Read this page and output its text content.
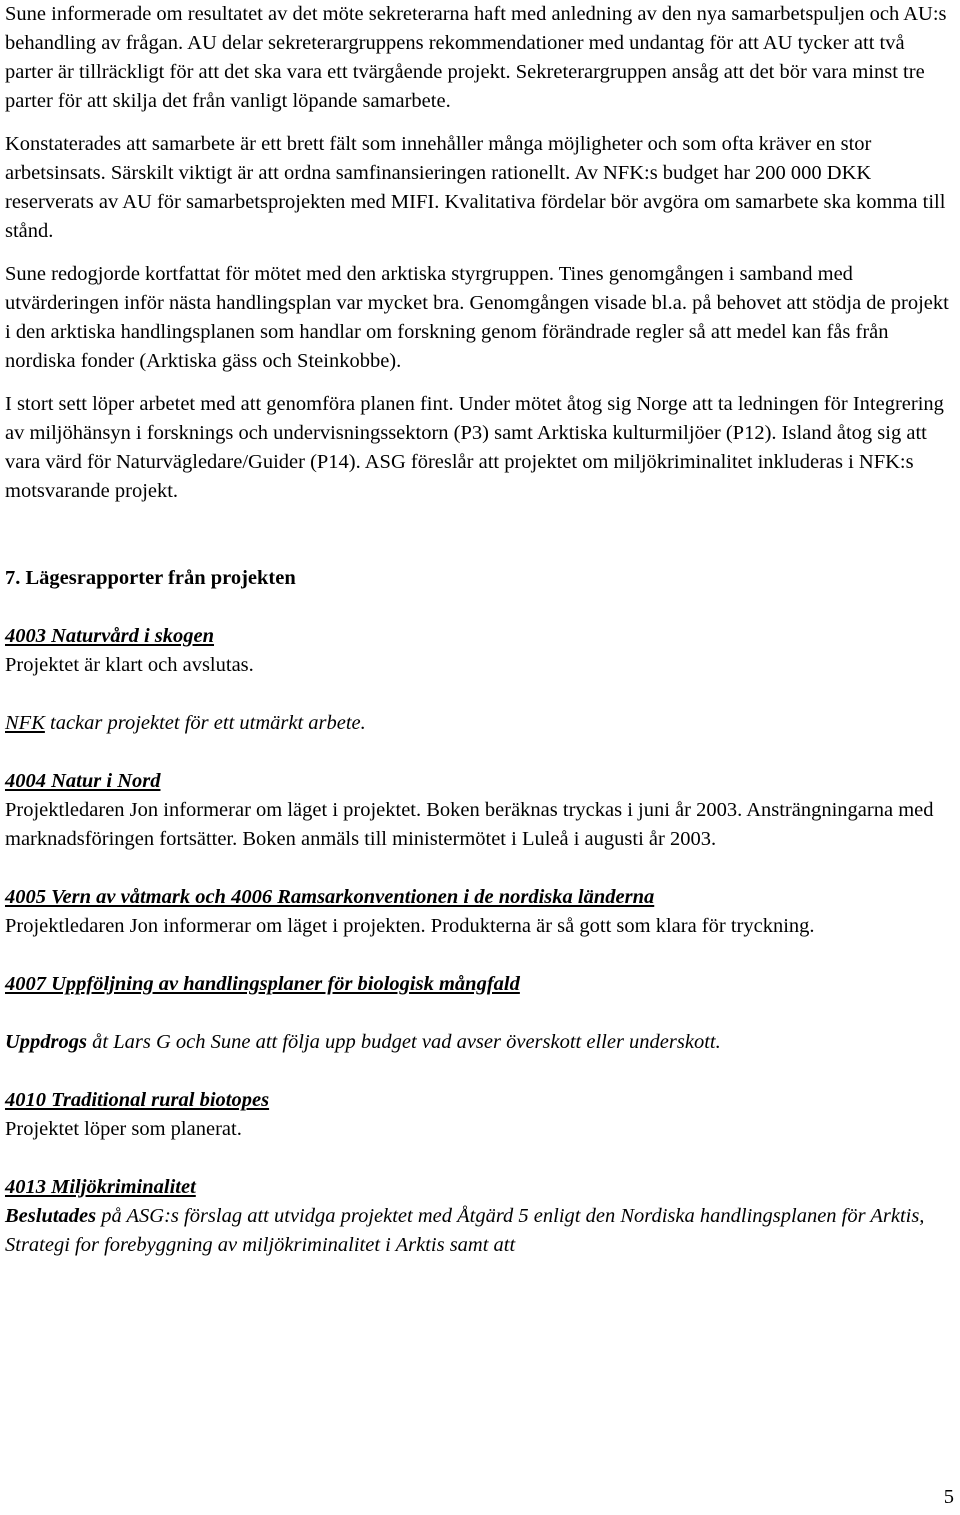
Sune informerade om resultatet av det möte sekreterarna haft med anledning av den nya samarbetspuljen och AU:s behandling av frågan. AU delar sekreterargruppens rekommendationer med undantag för att AU tycker att två parter är tillräckligt för att det ska vara ett tvärgående projekt. Sekreterargruppen ansåg att det bör vara minst tre parter för att skilja det från vanligt löpande samarbete.

Konstaterades att samarbete är ett brett fält som innehåller många möjligheter och som ofta kräver en stor arbetsinsats. Särskilt viktigt är att ordna samfinansieringen rationellt. Av NFK:s budget har 200 000 DKK reserverats av AU för samarbetsprojekten med MIFI. Kvalitativa fördelar bör avgöra om samarbete ska komma till stånd.

Sune redogjorde kortfattat för mötet med den arktiska styrgruppen. Tines genomgången i samband med utvärderingen inför nästa handlingsplan var mycket bra. Genomgången visade bl.a. på behovet att stödja de projekt i den arktiska handlingsplanen som handlar om forskning genom förändrade regler så att medel kan fås från nordiska fonder (Arktiska gäss och Steinkobbe).

I stort sett löper arbetet med att genomföra planen fint. Under mötet åtog sig Norge att ta ledningen för Integrering av miljöhänsyn i forsknings och undervisningssektorn (P3) samt Arktiska kulturmiljöer (P12). Island åtog sig att vara värd för Naturvägledare/Guider (P14). ASG föreslår att projektet om miljökriminalitet inkluderas i NFK:s motsvarande projekt.

7. Lägesrapporter från projekten

4003 Naturvård i skogen

Projektet är klart och avslutas.

NFK tackar projektet för ett utmärkt arbete.

4004 Natur i Nord

Projektledaren Jon informerar om läget i projektet. Boken beräknas tryckas i juni år 2003. Ansträngningarna med marknadsföringen fortsätter. Boken anmäls till ministermötet i Luleå i augusti år 2003.

4005 Vern av våtmark och 4006 Ramsarkonventionen i de nordiska länderna

Projektledaren Jon informerar om läget i projekten. Produkterna är så gott som klara för tryckning.

4007 Uppföljning av handlingsplaner för biologisk mångfald

Uppdrogs åt Lars G och Sune att följa upp budget vad avser överskott eller underskott.

4010 Traditional rural biotopes

Projektet löper som planerat.

4013 Miljökriminalitet

Beslutades på ASG:s förslag att utvidga projektet med Åtgärd 5 enligt den Nordiska handlingsplanen för Arktis, Strategi for forebyggning av miljökriminalitet i Arktis samt att

5
